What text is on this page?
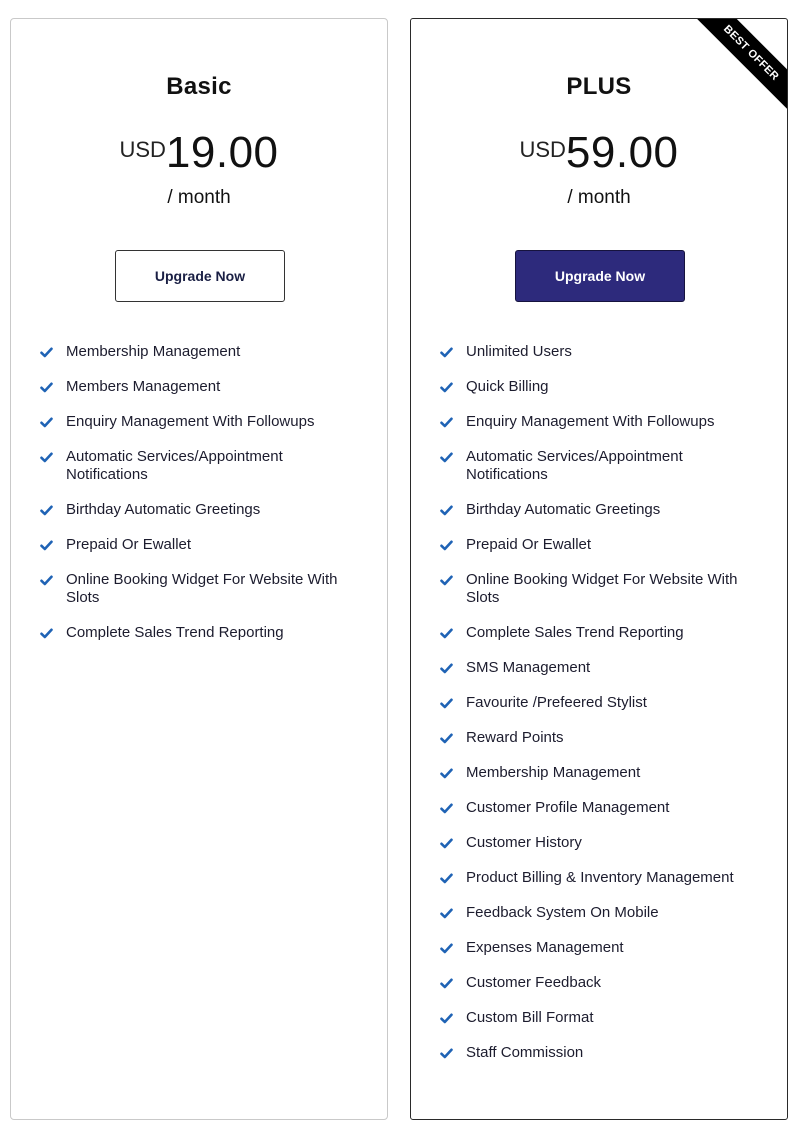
Basic
USD19.00
/ month
Upgrade Now
Membership Management
Members Management
Enquiry Management With Followups
Automatic Services/Appointment Notifications
Birthday Automatic Greetings
Prepaid Or Ewallet
Online Booking Widget For Website With Slots
Complete Sales Trend Reporting
BEST OFFER
PLUS
USD59.00
/ month
Upgrade Now
Unlimited Users
Quick Billing
Enquiry Management With Followups
Automatic Services/Appointment Notifications
Birthday Automatic Greetings
Prepaid Or Ewallet
Online Booking Widget For Website With Slots
Complete Sales Trend Reporting
SMS Management
Favourite /Prefeered Stylist
Reward Points
Membership Management
Customer Profile Management
Customer History
Product Billing & Inventory Management
Feedback System On Mobile
Expenses Management
Customer Feedback
Custom Bill Format
Staff Commission
